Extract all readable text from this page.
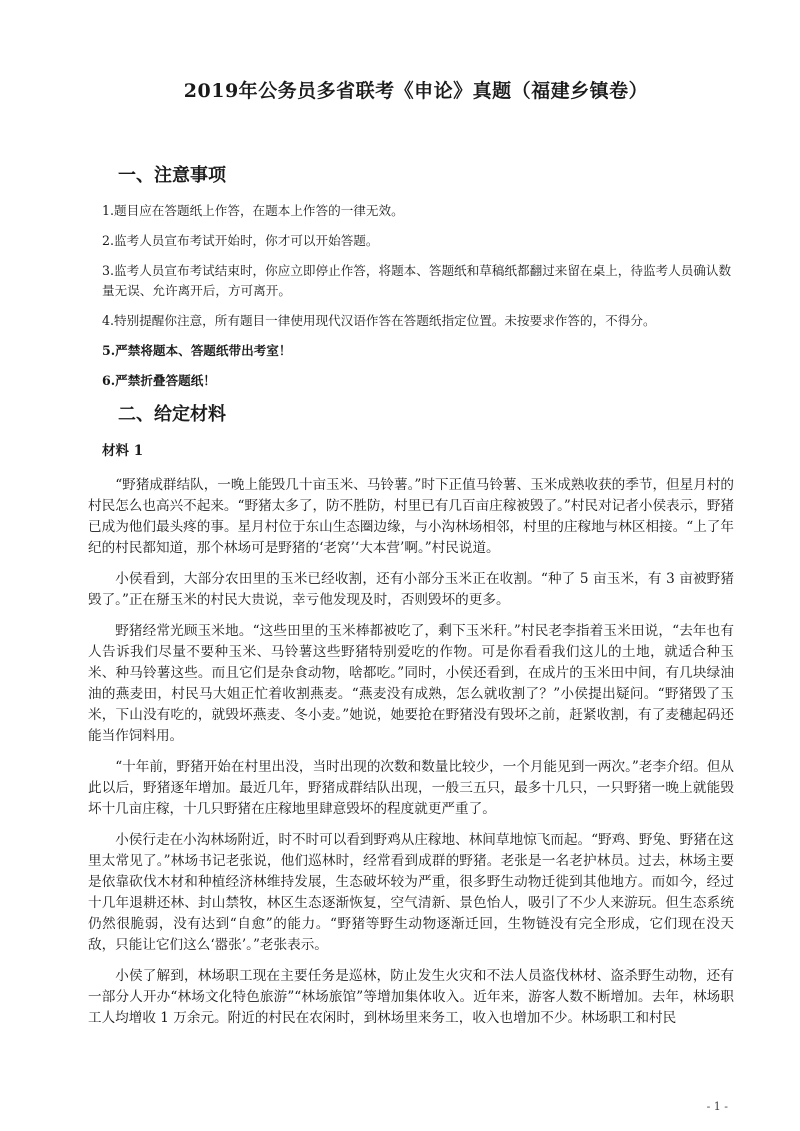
2019年公务员多省联考《申论》真题（福建乡镇卷）
一、注意事项

1.题目应在答题纸上作答，在题本上作答的一律无效。

2.监考人员宣布考试开始时，你才可以开始答题。

3.监考人员宣布考试结束时，你应立即停止作答，将题本、答题纸和草稿纸都翻过来留在桌上，待监考人员确认数量无误、允许离开后，方可离开。

4.特别提醒你注意，所有题目一律使用现代汉语作答在答题纸指定位置。未按要求作答的，不得分。

5.严禁将题本、答题纸带出考室！

6.严禁折叠答题纸！

二、给定材料
材料 1

“野猪成群结队，一晚上能毁几十亩玉米、马铃薯。”时下正值马铃薯、玉米成熟收获的季节，但星月村的村民怎么也高兴不起来。“野猪太多了，防不胜防，村里已有几百亩庄稼被毁了。”村民对记者小侯表示，野猪已成为他们最头疼的事。星月村位于东山生态圈边缘，与小沟林场相邻，村里的庄稼地与林区相接。“上了年纪的村民都知道，那个林场可是野猪的‘老窝’‘大本营’啊。”村民说道。

小侯看到，大部分农田里的玉米已经收割，还有小部分玉米正在收割。“种了 5 亩玉米，有 3 亩被野猪毁了。”正在掰玉米的村民大贵说，幸亏他发现及时，否则毁坏的更多。

野猪经常光顾玉米地。“这些田里的玉米棒都被吃了，剩下玉米秆。”村民老李指着玉米田说，“去年也有人告诉我们尽量不要种玉米、马铃薯这些野猪特别爱吃的作物。可是你看看我们这儿的土地，就适合种玉米、种马铃薯这些。而且它们是杂食动物，啥都吃。”同时，小侯还看到，在成片的玉米田中间，有几块绿油油的燕麦田，村民马大姐正忙着收割燕麦。“燕麦没有成熟，怎么就收割了？”小侯提出疑问。“野猪毁了玉米，下山没有吃的，就毁坏燕麦、冬小麦。”她说，她要抢在野猪没有毁坏之前，赶紧收割，有了麦穗起码还能当作饲料用。

“十年前，野猪开始在村里出没，当时出现的次数和数量比较少，一个月能见到一两次。”老李介绍。但从此以后，野猪逐年增加。最近几年，野猪成群结队出现，一般三五只，最多十几只，一只野猪一晚上就能毁坏十几亩庄稼，十几只野猪在庄稼地里肆意毁坏的程度就更严重了。

小侯行走在小沟林场附近，时不时可以看到野鸡从庄稼地、林间草地惊飞而起。“野鸡、野兔、野猪在这里太常见了。”林场书记老张说，他们巡林时，经常看到成群的野猪。老张是一名老护林员。过去，林场主要是依靠砍伐木材和种植经济林维持发展，生态破坏较为严重，很多野生动物迁徙到其他地方。而如今，经过十几年退耕还林、封山禁牧，林区生态逐渐恢复，空气清新、景色怡人，吸引了不少人来游玩。但生态系统仍然很脆弱，没有达到“自愈”的能力。“野猪等野生动物逐渐迁回，生物链没有完全形成，它们现在没天敌，只能让它们这么‘嚣张’。”老张表示。

小侯了解到，林场职工现在主要任务是巡林，防止发生火灾和不法人员盗伐林材、盗杀野生动物，还有一部分人开办“林场文化特色旅游”“林场旅馆”等增加集体收入。近年来，游客人数不断增加。去年，林场职工人均增收 1 万余元。附近的村民在农闲时，到林场里来务工，收入也增加不少。林场职工和村民

- 1 -
